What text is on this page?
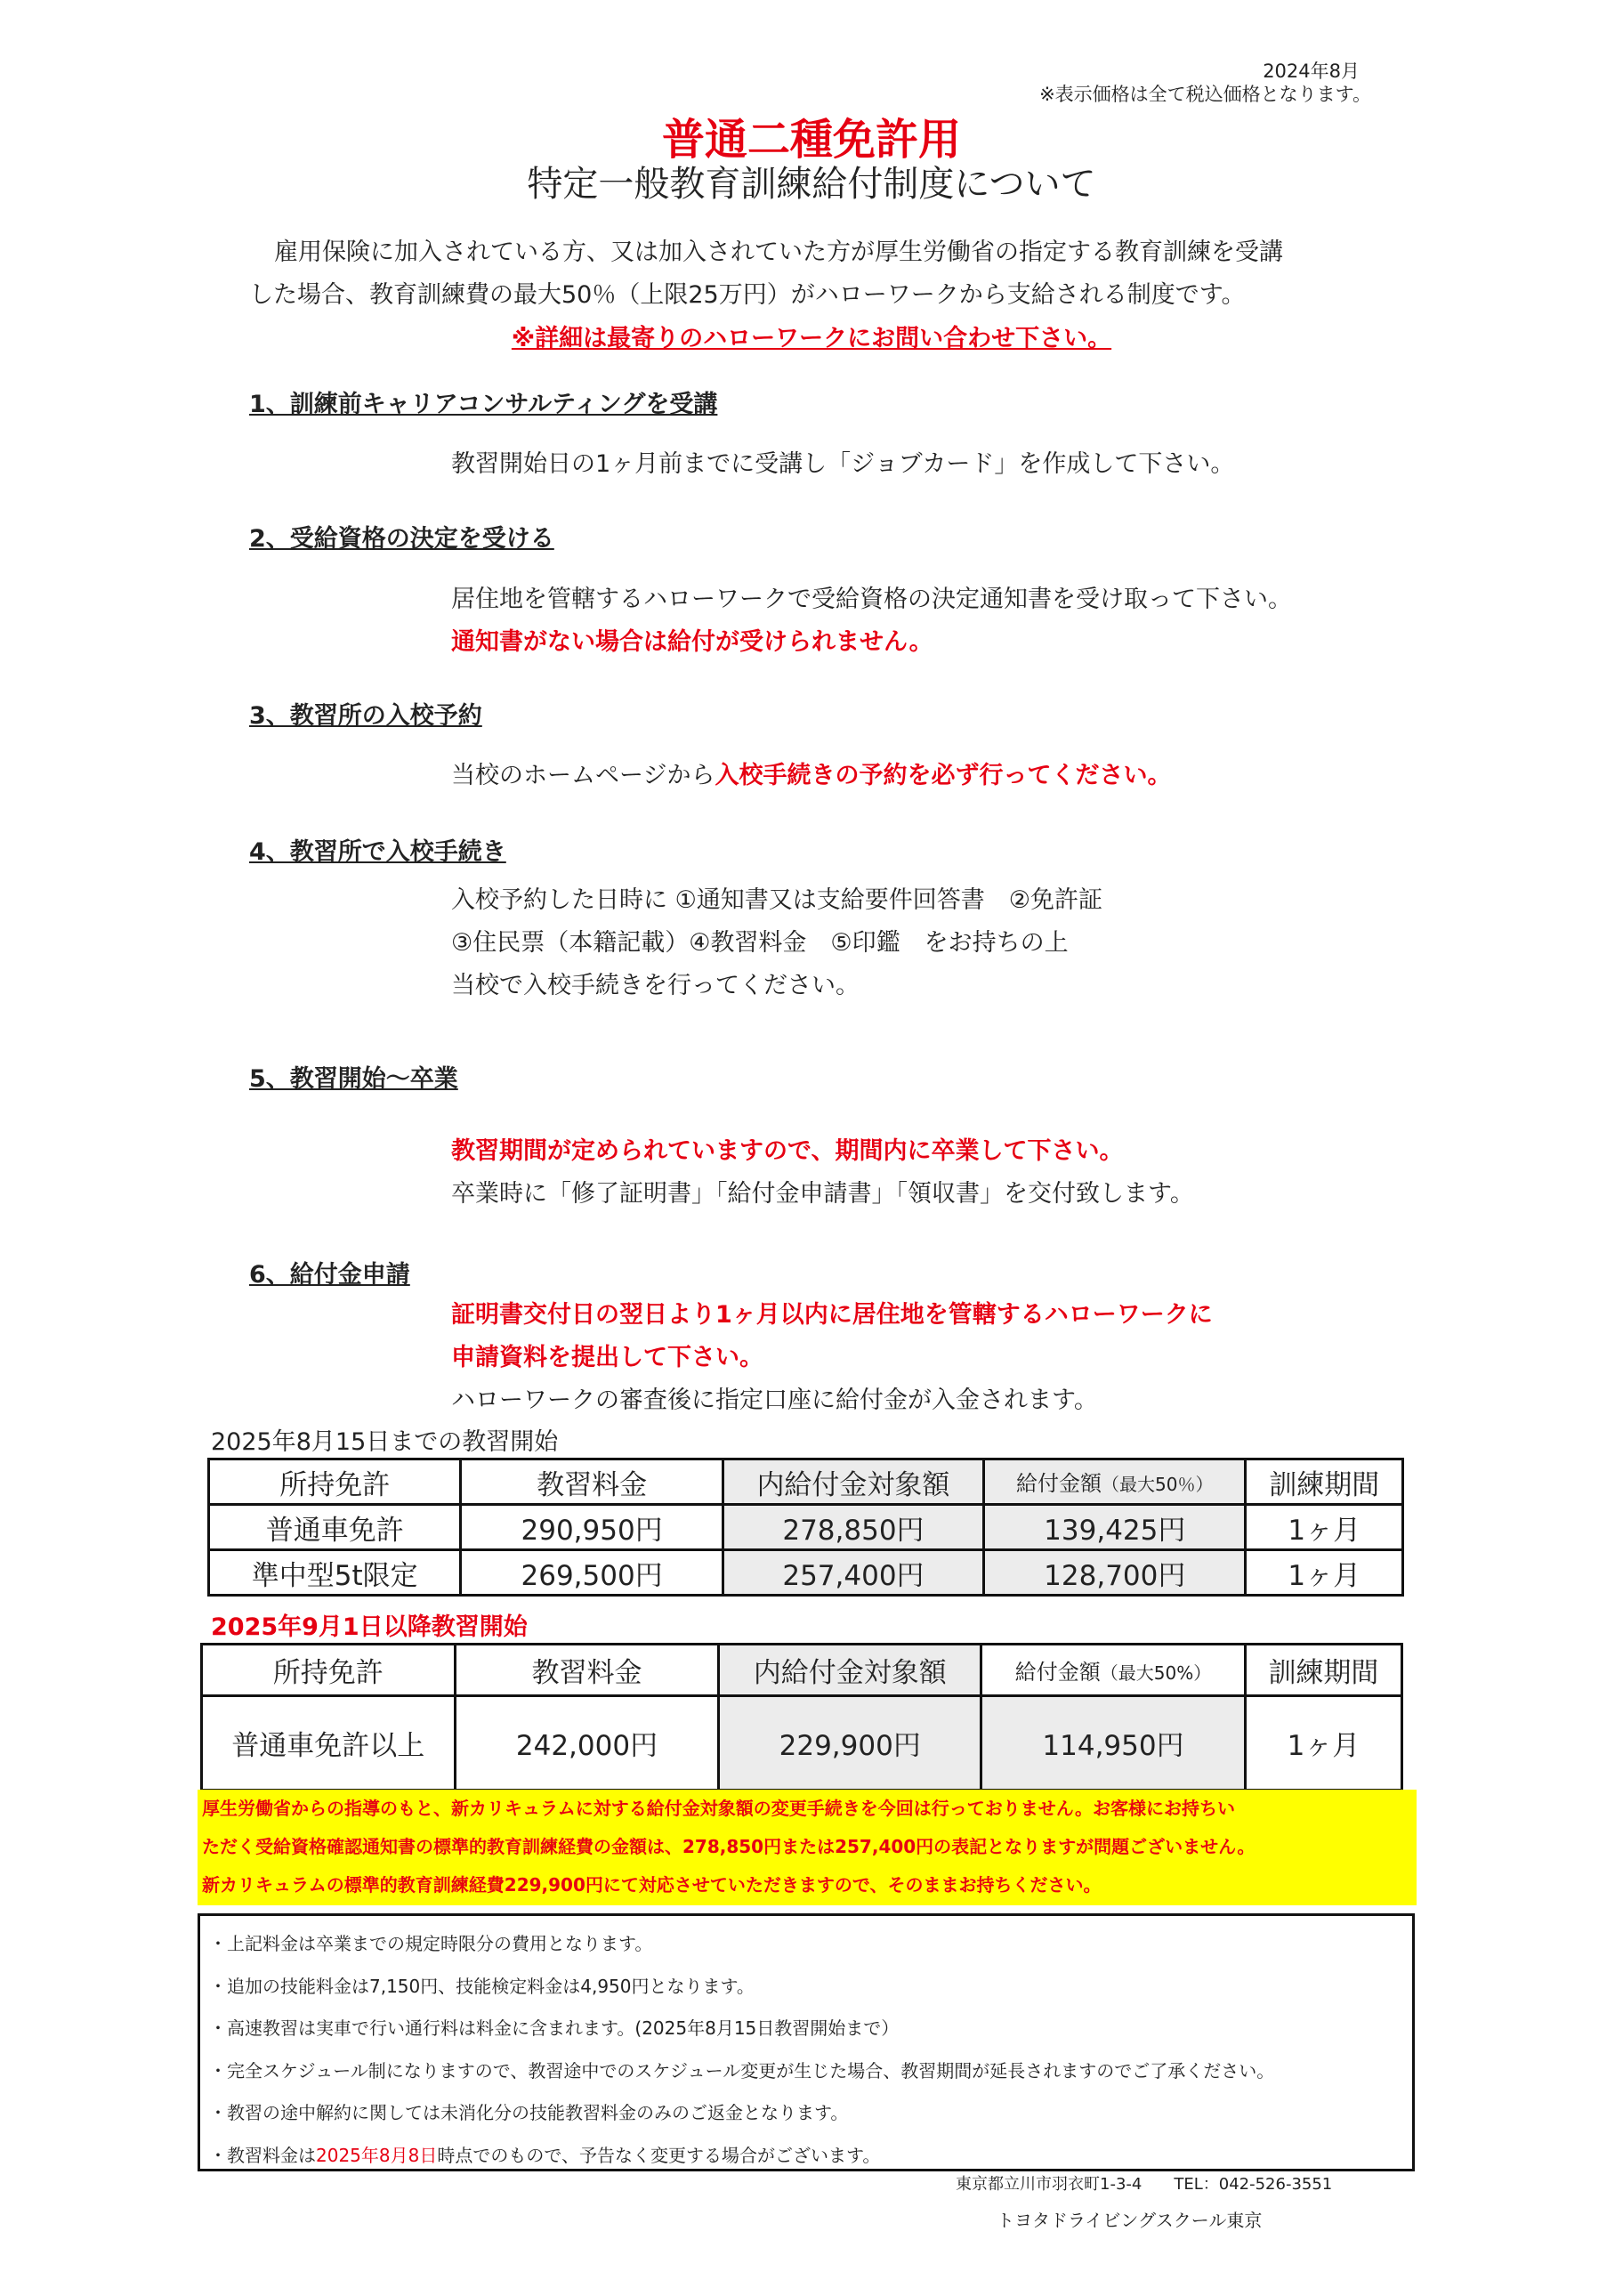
2024年8月
※表示価格は全て税込価格となります。
普通二種免許用
特定一般教育訓練給付制度について

雇用保険に加入されている方、又は加入されていた方が厚生労働省の指定する教育訓練を受講

した場合、教育訓練費の最大50％（上限25万円）がハローワークから支給される制度です。

※詳細は最寄りのハローワークにお問い合わせ下さい。
1、訓練前キャリアコンサルティングを受講

教習開始日の1ヶ月前までに受講し「ジョブカード」を作成して下さい。

2、受給資格の決定を受ける

居住地を管轄するハローワークで受給資格の決定通知書を受け取って下さい。

通知書がない場合は給付が受けられません。

3、教習所の入校予約

当校のホームページから入校手続きの予約を必ず行ってください。

4、教習所で入校手続き

入校予約した日時に ①通知書又は支給要件回答書　②免許証

③住民票（本籍記載）④教習料金　⑤印鑑　をお持ちの上

当校で入校手続きを行ってください。

5、教習開始～卒業

教習期間が定められていますので、期間内に卒業して下さい。

卒業時に「修了証明書」「給付金申請書」「領収書」を交付致します。

6、給付金申請

証明書交付日の翌日より1ヶ月以内に居住地を管轄するハローワークに

申請資料を提出して下さい。

ハローワークの審査後に指定口座に給付金が入金されます。

2025年8月15日までの教習開始
所持免許	教習料金	内給付金対象額	給付金額（最大50％）	訓練期間
普通車免許	290,950円	278,850円	139,425円	1ヶ月
準中型5t限定	269,500円	257,400円	128,700円	1ヶ月
2025年9月1日以降教習開始
所持免許	教習料金	内給付金対象額	給付金額（最大50%）	訓練期間
普通車免許以上	242,000円	229,900円	114,950円	1ヶ月

厚生労働省からの指導のもと、新カリキュラムに対する給付金対象額の変更手続きを今回は行っておりません。お客様にお持ちい

ただく受給資格確認通知書の標準的教育訓練経費の金額は、278,850円または257,400円の表記となりますが問題ございません。

新カリキュラムの標準的教育訓練経費229,900円にて対応させていただきますので、そのままお持ちください。

・上記料金は卒業までの規定時限分の費用となります。

・追加の技能料金は7,150円、技能検定料金は4,950円となります。

・高速教習は実車で行い通行料は料金に含まれます。(2025年8月15日教習開始まで）

・完全スケジュール制になりますので、教習途中でのスケジュール変更が生じた場合、教習期間が延長されますのでご了承ください。

・教習の途中解約に関しては未消化分の技能教習料金のみのご返金となります。

・教習料金は2025年8月8日時点でのもので、予告なく変更する場合がございます。

東京都立川市羽衣町1-3-4　　TEL：042-526-3551
トヨタドライビングスクール東京
